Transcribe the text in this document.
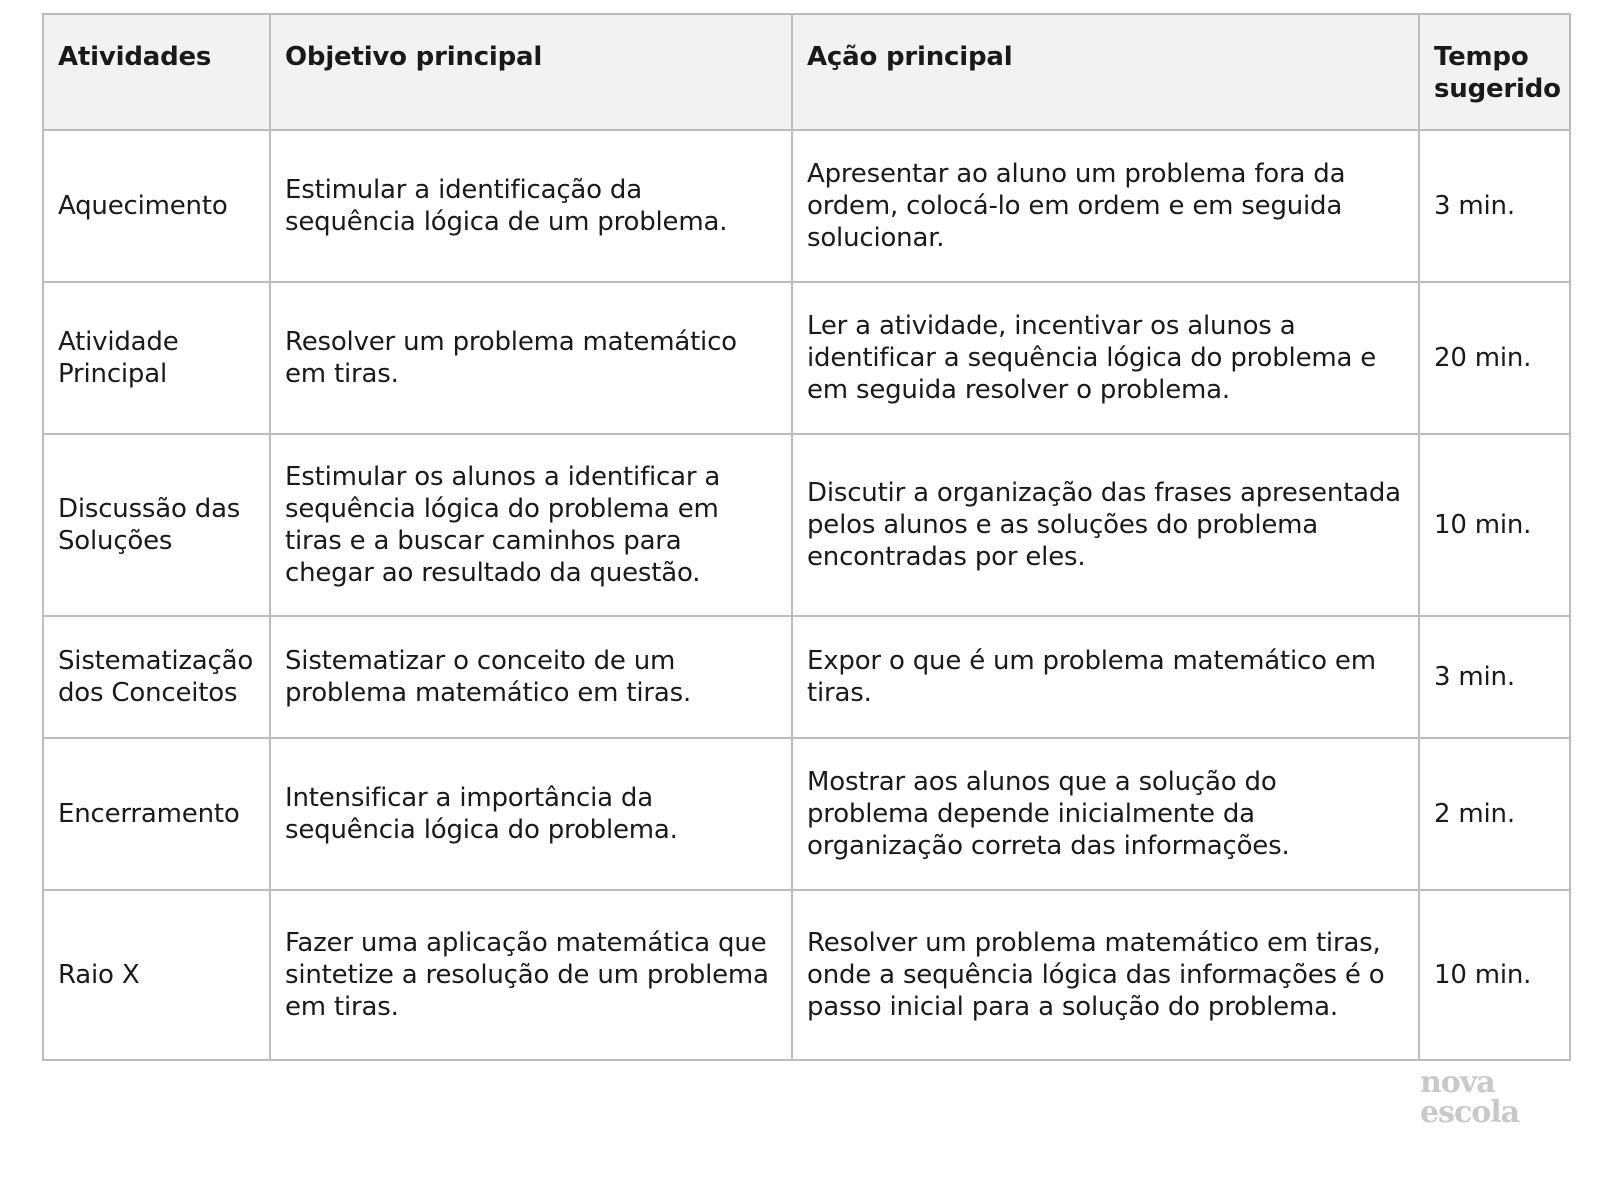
Atividades	Objetivo principal	Ação principal	Tempo sugerido
Aquecimento	Estimular a identificação da sequência lógica de um problema.	Apresentar ao aluno um problema fora da ordem, colocá-lo em ordem e em seguida solucionar.	3 min.
Atividade Principal	Resolver um problema matemático em tiras.	Ler a atividade, incentivar os alunos a identificar a sequência lógica do problema e em seguida resolver o problema.	20 min.
Discussão das Soluções	Estimular os alunos a identificar a sequência lógica do problema em tiras e a buscar caminhos para chegar ao resultado da questão.	Discutir a organização das frases apresentada pelos alunos e as soluções do problema encontradas por eles.	10 min.
Sistematização dos Conceitos	Sistematizar o conceito de um problema matemático em tiras.	Expor o que é um problema matemático em tiras.	3 min.
Encerramento	Intensificar a importância da sequência lógica do problema.	Mostrar aos alunos que a solução do problema depende inicialmente da organização correta das informações.	2 min.
Raio X	Fazer uma aplicação matemática que sintetize a resolução de um problema em tiras.	Resolver um problema matemático em tiras, onde a sequência lógica das informações é o passo inicial para a solução do problema.	10 min.
nova
escola
